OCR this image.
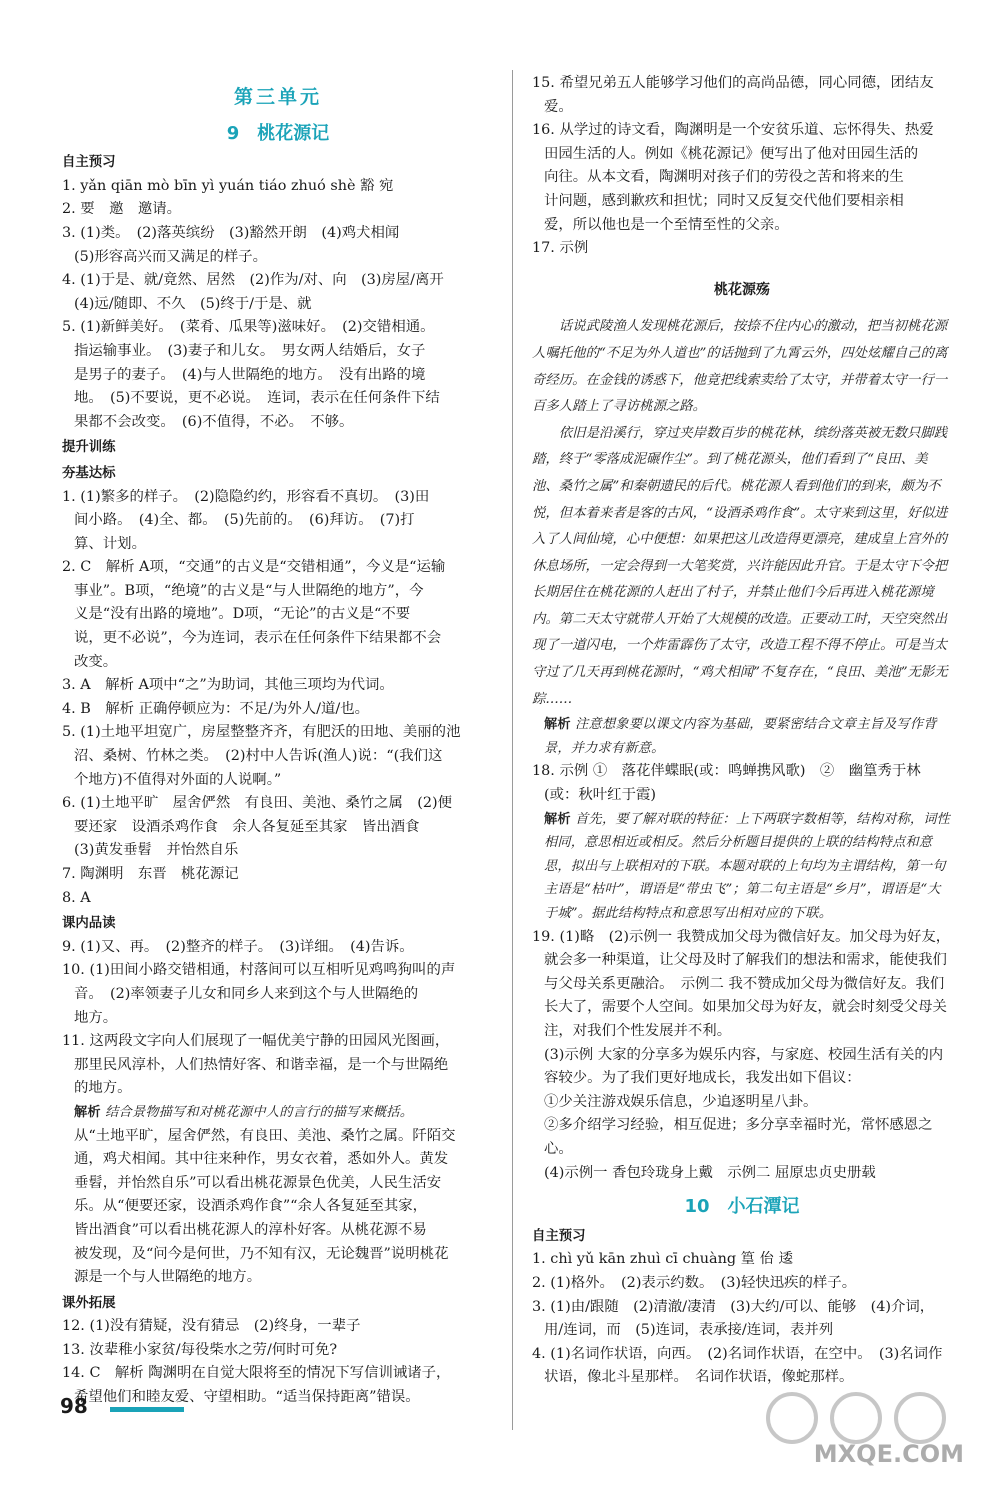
第三单元
9　桃花源记
自主预习

1. yǎn qiān mò bīn yì yuán tiáo zhuó shè 豁 宛

2. 要　邀　邀请。

3. (1)类。　(2)落英缤纷　(3)豁然开朗　(4)鸡犬相闻

(5)形容高兴而又满足的样子。

4. (1)于是、就/竟然、居然　(2)作为/对、向　(3)房屋/离开

(4)远/随即、不久　(5)终于/于是、就

5. (1)新鲜美好。　(菜肴、瓜果等)滋味好。　(2)交错相通。

指运输事业。　(3)妻子和儿女。　男女两人结婚后，女子

是男子的妻子。　(4)与人世隔绝的地方。　没有出路的境

地。　(5)不要说，更不必说。　连词，表示在任何条件下结

果都不会改变。　(6)不值得，不必。　不够。

提升训练
夯基达标

1. (1)繁多的样子。　(2)隐隐约约，形容看不真切。　(3)田

间小路。　(4)全、都。　(5)先前的。　(6)拜访。　(7)打

算、计划。

2. C　解析 A项，“交通”的古义是“交错相通”，今义是“运输

事业”。B项，“绝境”的古义是“与人世隔绝的地方”，今

义是“没有出路的境地”。D项，“无论”的古义是“不要

说，更不必说”，今为连词，表示在任何条件下结果都不会

改变。

3. A　解析 A项中“之”为助词，其他三项均为代词。

4. B　解析 正确停顿应为：不足/为外人/道/也。

5. (1)土地平坦宽广，房屋整整齐齐，有肥沃的田地、美丽的池

沼、桑树、竹林之类。　(2)村中人告诉(渔人)说：“(我们这

个地方)不值得对外面的人说啊。”

6. (1)土地平旷　屋舍俨然　有良田、美池、桑竹之属　(2)便

要还家　设酒杀鸡作食　余人各复延至其家　皆出酒食

(3)黄发垂髫　并怡然自乐

7. 陶渊明　东晋　桃花源记

8. A

课内品读

9. (1)又、再。　(2)整齐的样子。　(3)详细。　(4)告诉。

10. (1)田间小路交错相通，村落间可以互相听见鸡鸣狗叫的声

音。　(2)率领妻子儿女和同乡人来到这个与人世隔绝的

地方。

11. 这两段文字向人们展现了一幅优美宁静的田园风光图画，

那里民风淳朴，人们热情好客、和谐幸福，是一个与世隔绝

的地方。

解析 结合景物描写和对桃花源中人的言行的描写来概括。

从“土地平旷，屋舍俨然，有良田、美池、桑竹之属。阡陌交

通，鸡犬相闻。其中往来种作，男女衣着，悉如外人。黄发

垂髫，并怡然自乐”可以看出桃花源景色优美，人民生活安

乐。从“便要还家，设酒杀鸡作食”“余人各复延至其家，

皆出酒食”可以看出桃花源人的淳朴好客。从桃花源不易

被发现，及“问今是何世，乃不知有汉，无论魏晋”说明桃花

源是一个与人世隔绝的地方。

课外拓展

12. (1)没有猜疑，没有猜忌　(2)终身，一辈子

13. 汝辈稚小家贫/每役柴水之劳/何时可免?

14. C　解析 陶渊明在自觉大限将至的情况下写信训诫诸子，

希望他们和睦友爱、守望相助。“适当保持距离”错误。

15. 希望兄弟五人能够学习他们的高尚品德，同心同德，团结友爱。

16. 从学过的诗文看，陶渊明是一个安贫乐道、忘怀得失、热爱

田园生活的人。例如《桃花源记》便写出了他对田园生活的

向往。从本文看，陶渊明对孩子们的劳役之苦和将来的生

计问题，感到歉疚和担忧；同时又反复交代他们要相亲相

爱，所以他也是一个至情至性的父亲。

17. 示例

桃花源殇

话说武陵渔人发现桃花源后，按捺不住内心的激动，把当初桃花源人嘱托他的“不足为外人道也”的话抛到了九霄云外，四处炫耀自己的离奇经历。在金钱的诱惑下，他竟把线索卖给了太守，并带着太守一行一百多人踏上了寻访桃源之路。

依旧是沿溪行，穿过夹岸数百步的桃花林，缤纷落英被无数只脚践踏，终于“零落成泥碾作尘”。到了桃花源头，他们看到了“良田、美池、桑竹之属”和秦朝遗民的后代。桃花源人看到他们的到来，颇为不悦，但本着来者是客的古风，“设酒杀鸡作食”。太守来到这里，好似进入了人间仙境，心中便想：如果把这儿改造得更漂亮，建成皇上宫外的休息场所，一定会得到一大笔奖赏，兴许能因此升官。于是太守下令把长期居住在桃花源的人赶出了村子，并禁止他们今后再进入桃花源境内。第二天太守就带人开始了大规模的改造。正要动工时，天空突然出现了一道闪电，一个炸雷霹伤了太守，改造工程不得不停止。可是当太守过了几天再到桃花源时，“鸡犬相闻”不复存在，“良田、美池”无影无踪……

解析 注意想象要以课文内容为基础，要紧密结合文章主旨及写作背景，并力求有新意。

18. 示例 ①　落花伴蝶眠(或：鸣蝉携风歌)　②　幽篁秀于林(或：秋叶红于霞)

解析 首先，要了解对联的特征：上下两联字数相等，结构对称，词性相同，意思相近或相反。然后分析题目提供的上联的结构特点和意思，拟出与上联相对的下联。本题对联的上句均为主谓结构，第一句主语是“枯叶”，谓语是“带虫飞”；第二句主语是“乡月”，谓语是“大于城”。据此结构特点和意思写出相对应的下联。

19. (1)略　(2)示例一 我赞成加父母为微信好友。加父母为好友，就会多一种渠道，让父母及时了解我们的想法和需求，能使我们与父母关系更融洽。　示例二 我不赞成加父母为微信好友。我们长大了，需要个人空间。如果加父母为好友，就会时刻受父母关注，对我们个性发展并不利。

(3)示例 大家的分享多为娱乐内容，与家庭、校园生活有关的内容较少。为了我们更好地成长，我发出如下倡议：

①少关注游戏娱乐信息，少追逐明星八卦。

②多介绍学习经验，相互促进；多分享幸福时光，常怀感恩之心。

(4)示例一 香包玲珑身上戴　示例二 屈原忠贞史册载

10　小石潭记
自主预习

1. chì yǔ kān zhuì cī chuàng 篁 佁 逶

2. (1)格外。　(2)表示约数。　(3)轻快迅疾的样子。

3. (1)由/跟随　(2)清澈/凄清　(3)大约/可以、能够　(4)介词，用/连词，而　(5)连词，表承接/连词，表并列

4. (1)名词作状语，向西。　(2)名词作状语，在空中。　(3)名词作状语，像北斗星那样。　名词作状语，像蛇那样。

98
MXQE.COM
